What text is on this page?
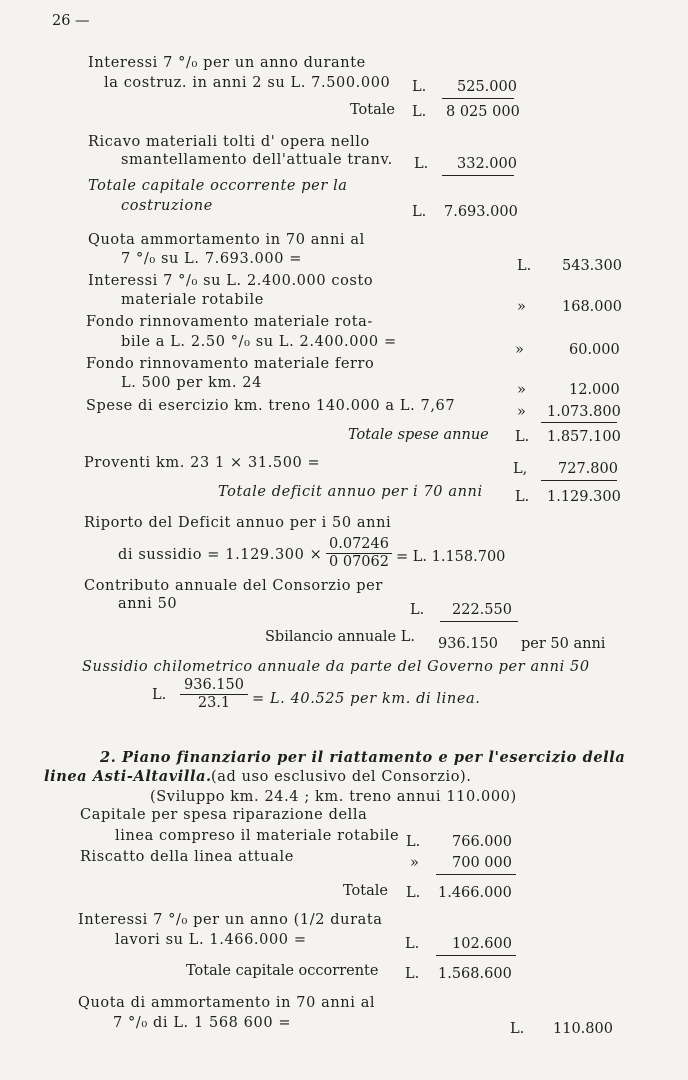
26 —
Interessi 7 °/₀ per un anno durante
la costruz. in anni 2 su L. 7.500.000 L. 525.000
Totale L. 8 025 000
Ricavo materiali tolti d' opera nello
smantellamento dell'attuale tranv. L. 332.000
Totale capitale occorrente per la
costruzione	L. 7.693.000
Quota ammortamento in 70 anni al
7 °/₀ su L. 7.693.000 =	L. 543.300
Interessi 7 °/₀ su L. 2.400.000 costo
materiale rotabile	» 168.000
Fondo rinnovamento materiale rota-
bile a L. 2.50 °/₀ su L. 2.400.000 =	»	60.000
Fondo rinnovamento materiale ferro
L. 500 per km. 24	»	12.000
Spese di esercizio km. treno 140.000 a L. 7,67	» 1.073.800
Totale spese annue L. 1.857.100
Proventi km. 23 1 × 31.500 =	L, 727.800
Totale deficit annuo per i 70 anni L. 1.129.300
Riporto del Deficit annuo per i 50 anni
di sussidio = $1.129.300 \times \frac{0.07246}{0 07062} = L$. 1.158.700
Contributo annuale del Consorzio per
anni 50	L. 222.550
Sbilancio annuale L. 936.150 per 50 anni
Sussidio chilometrico annuale da parte del Governo per anni 50
L. $\frac{936.150}{23.1} = L$. 40.525 per km. di linea.
2. Piano finanziario per il riattamento e per l'esercizio della
linea Asti-Altavilla. (ad uso esclusivo del Consorzio).
(Sviluppo km. 24.4 ; km. treno annui 110.000)
Capitale per spesa riparazione della
linea compreso il materiale rotabile L. 766.000
Riscatto della linea attuale	» 700 000
Totale L. 1.466.000
Interessi 7 °/₀ per un anno (1/2 durata
lavori su L. 1.466.000 =	L. 102.600
Totale capitale occorrente L. 1.568.600
Quota di ammortamento in 70 anni al
7 °/₀ di L. 1 568 600 =	L. 110.800
